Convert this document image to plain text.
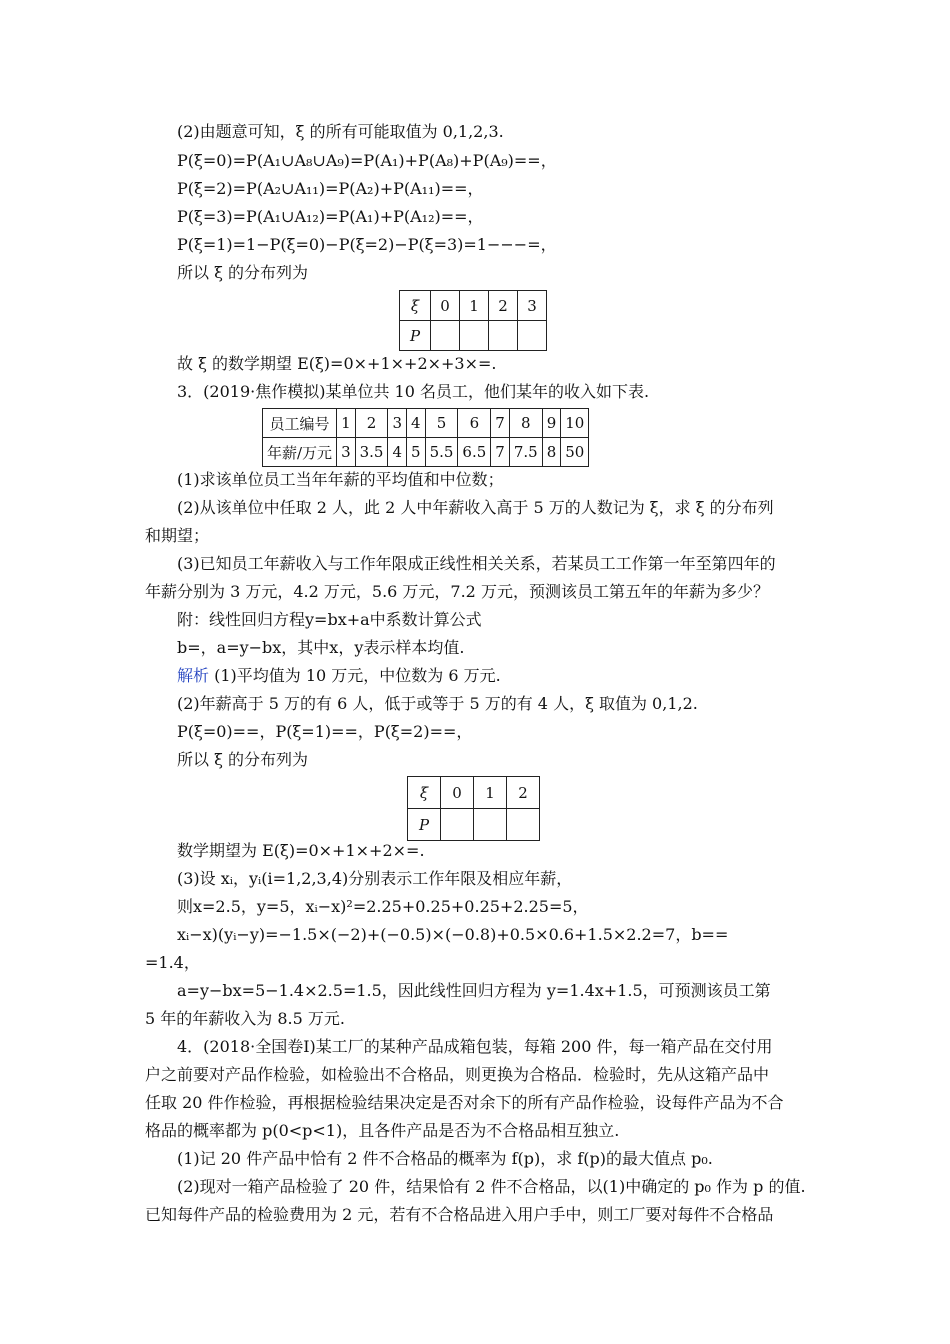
(2)由题意可知，ξ 的所有可能取值为 0,1,2,3.
P(ξ=0)=P(A₁∪A₈∪A₉)=P(A₁)+P(A₈)+P(A₉)==，
P(ξ=2)=P(A₂∪A₁₁)=P(A₂)+P(A₁₁)==，
P(ξ=3)=P(A₁∪A₁₂)=P(A₁)+P(A₁₂)==，
P(ξ=1)=1−P(ξ=0)−P(ξ=2)−P(ξ=3)=1−−−=，
所以 ξ 的分布列为
ξ	0	1	2	3
P				
故 ξ 的数学期望 E(ξ)=0×+1×+2×+3×=.
3．(2019·焦作模拟)某单位共 10 名员工，他们某年的收入如下表.
员工编号	1	2	3	4	5	6	7	8	9	10
年薪/万元	3	3.5	4	5	5.5	6.5	7	7.5	8	50
(1)求该单位员工当年年薪的平均值和中位数；
(2)从该单位中任取 2 人，此 2 人中年薪收入高于 5 万的人数记为 ξ，求 ξ 的分布列
和期望；
(3)已知员工年薪收入与工作年限成正线性相关关系，若某员工工作第一年至第四年的
年薪分别为 3 万元，4.2 万元，5.6 万元，7.2 万元，预测该员工第五年的年薪为多少？
附：线性回归方程y=bx+a中系数计算公式
b=，a=y−bx，其中x，y表示样本均值.
解析 (1)平均值为 10 万元，中位数为 6 万元.
(2)年薪高于 5 万的有 6 人，低于或等于 5 万的有 4 人，ξ 取值为 0,1,2.
P(ξ=0)==，P(ξ=1)==，P(ξ=2)==，
所以 ξ 的分布列为
ξ	0	1	2
P			
数学期望为 E(ξ)=0×+1×+2×=.
(3)设 xᵢ，yᵢ(i=1,2,3,4)分别表示工作年限及相应年薪，
则x=2.5，y=5，xᵢ−x)²=2.25+0.25+0.25+2.25=5，
xᵢ−x)(yᵢ−y)=−1.5×(−2)+(−0.5)×(−0.8)+0.5×0.6+1.5×2.2=7，b==
=1.4，
a=y−bx=5−1.4×2.5=1.5，因此线性回归方程为 y=1.4x+1.5，可预测该员工第
5 年的年薪收入为 8.5 万元.
4．(2018·全国卷Ⅰ)某工厂的某种产品成箱包装，每箱 200 件，每一箱产品在交付用
户之前要对产品作检验，如检验出不合格品，则更换为合格品．检验时，先从这箱产品中
任取 20 件作检验，再根据检验结果决定是否对余下的所有产品作检验，设每件产品为不合
格品的概率都为 p(0<p<1)，且各件产品是否为不合格品相互独立.
(1)记 20 件产品中恰有 2 件不合格品的概率为 f(p)，求 f(p)的最大值点 p₀.
(2)现对一箱产品检验了 20 件，结果恰有 2 件不合格品，以(1)中确定的 p₀ 作为 p 的值.
已知每件产品的检验费用为 2 元，若有不合格品进入用户手中，则工厂要对每件不合格品
